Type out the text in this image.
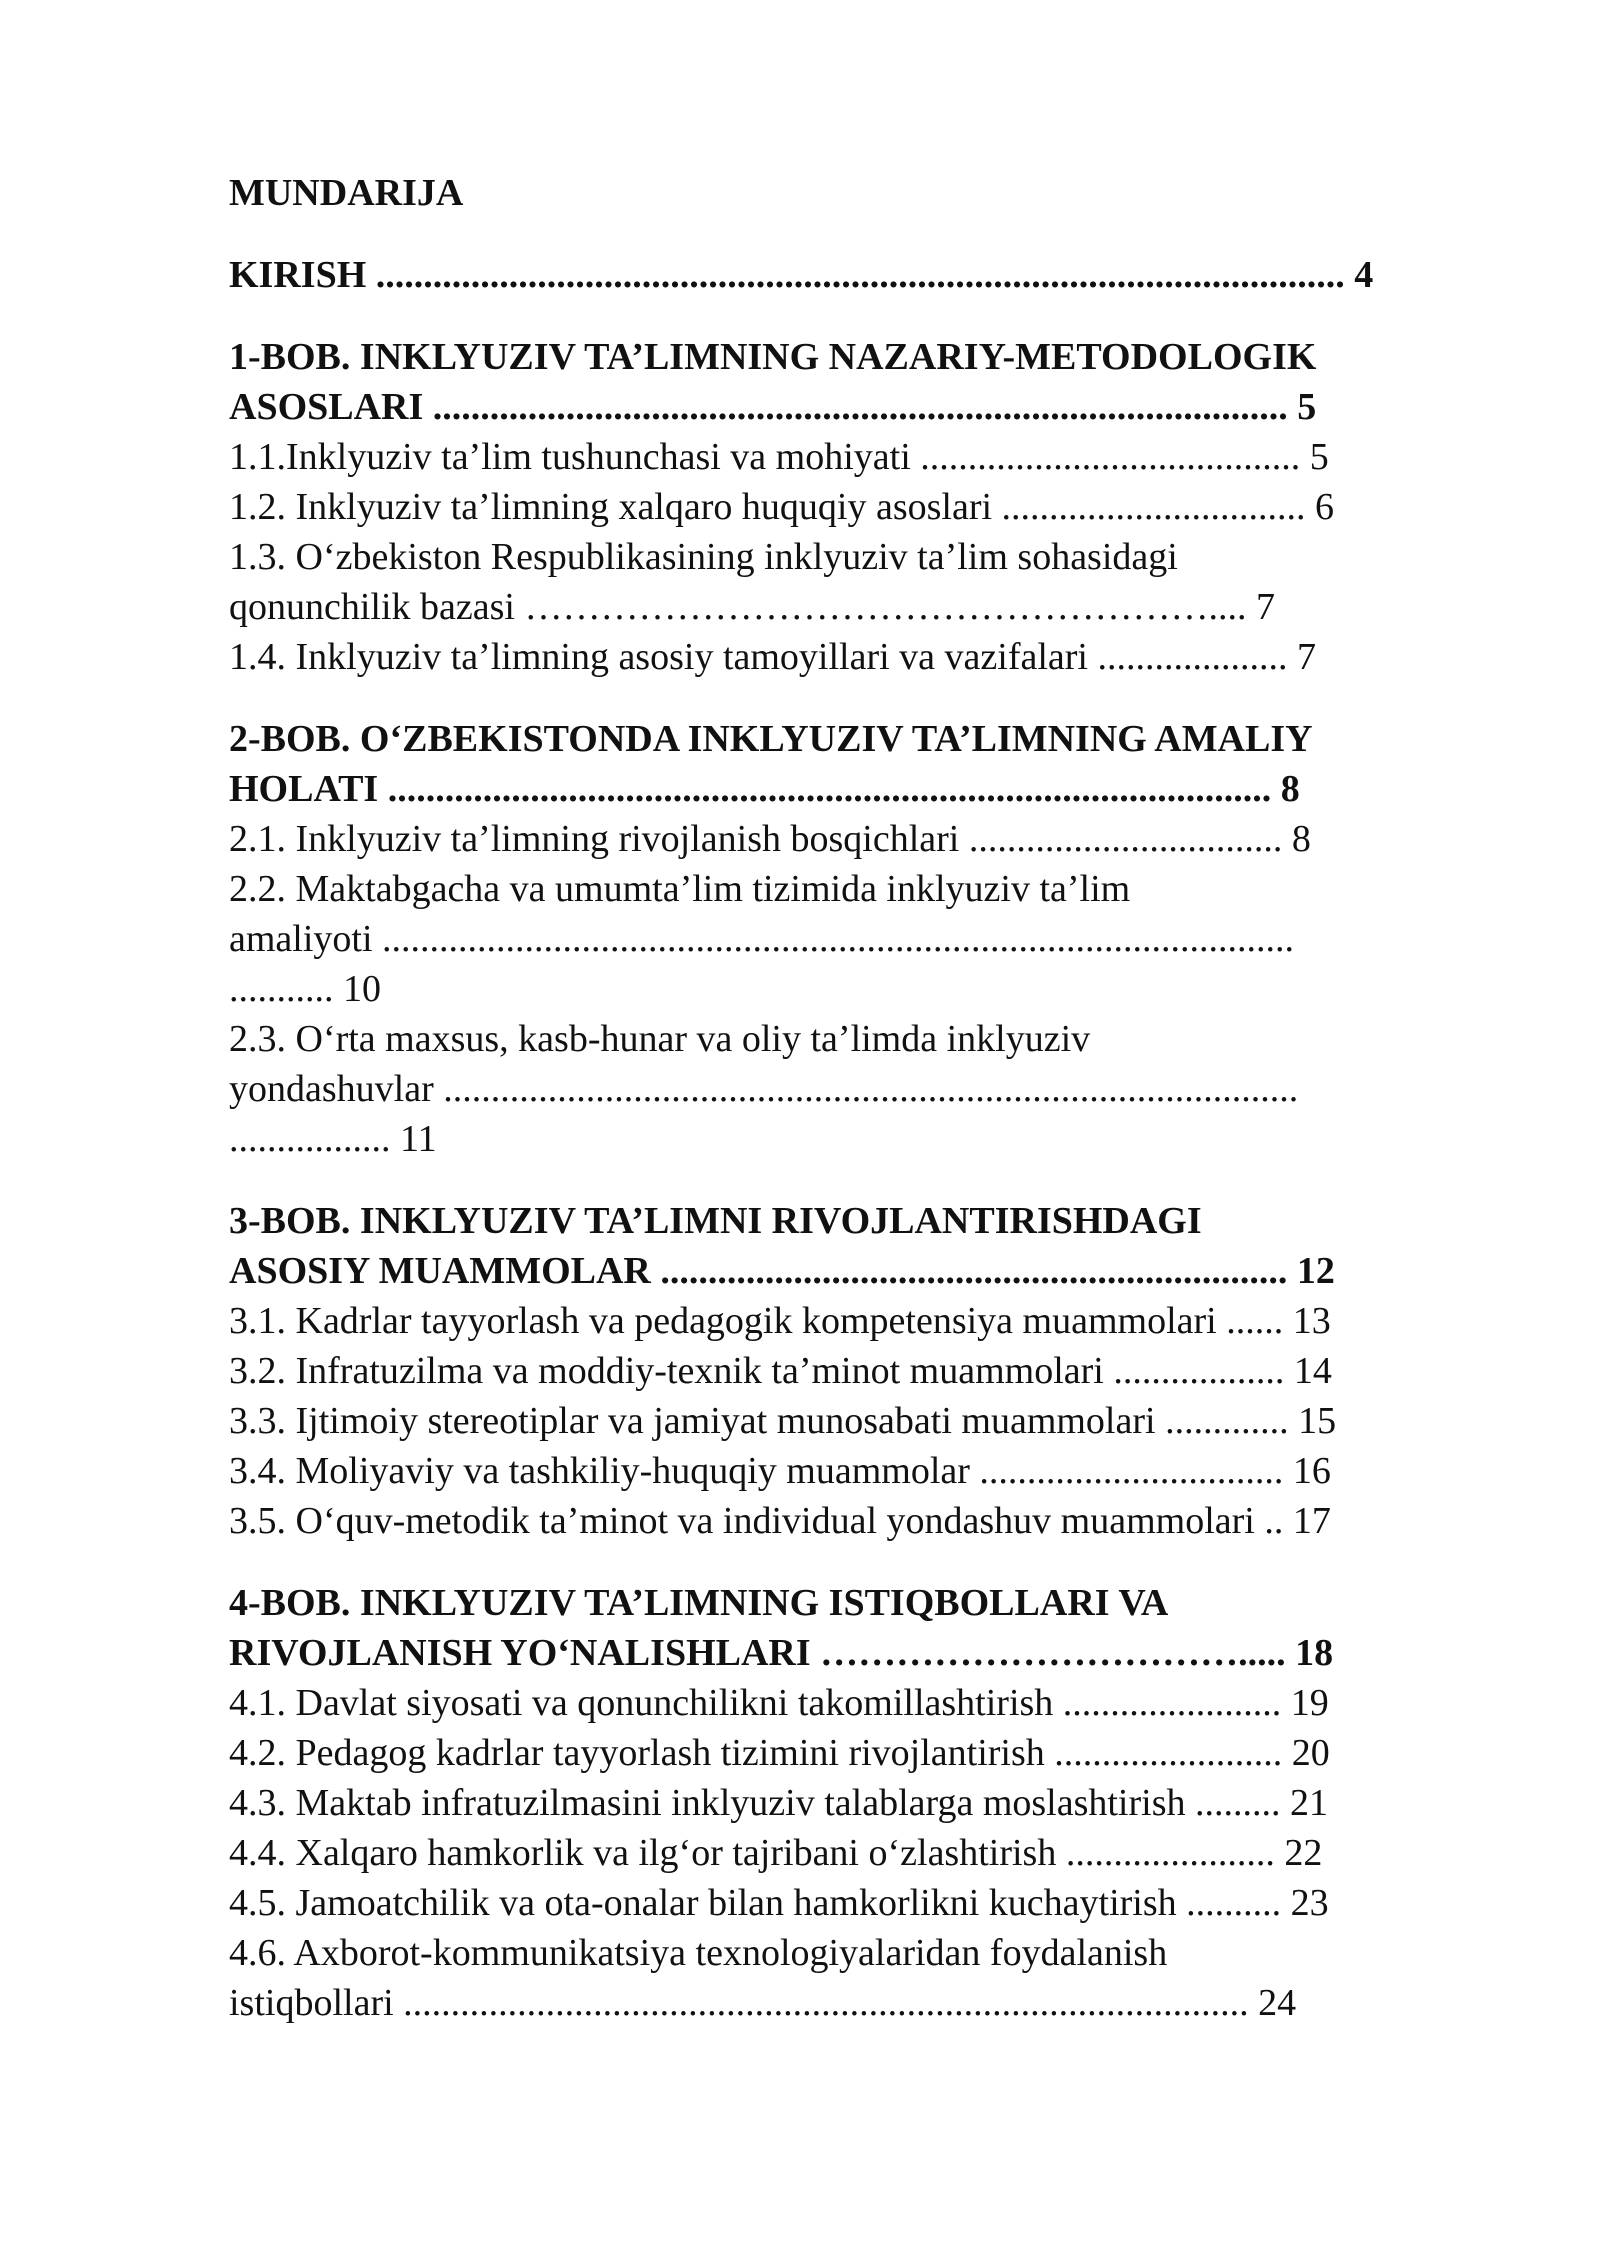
MUNDARIJA

KIRISH ...................................................................................................... 4

1-BOB. INKLYUZIV TA’LIMNING NAZARIY-METODOLOGIK

ASOSLARI .......................................................................................... 5

1.1.Inklyuziv ta’lim tushunchasi va mohiyati ........................................ 5

1.2. Inklyuziv ta’limning xalqaro huquqiy asoslari ................................ 6

1.3. O‘zbekiston Respublikasining inklyuziv ta’lim sohasidagi

qonunchilik bazasi ……………………………………………….... 7

1.4. Inklyuziv ta’limning asosiy tamoyillari va vazifalari .................... 7

2-BOB. O‘ZBEKISTONDA INKLYUZIV TA’LIMNING AMALIY

HOLATI ............................................................................................. 8

2.1. Inklyuziv ta’limning rivojlanish bosqichlari ................................. 8

2.2. Maktabgacha va umumta’lim tizimida inklyuziv ta’lim

amaliyoti ................................................................................................

........... 10

2.3. O‘rta maxsus, kasb-hunar va oliy ta’limda inklyuziv

yondashuvlar ..........................................................................................

................. 11

3-BOB. INKLYUZIV TA’LIMNI RIVOJLANTIRISHDAGI

ASOSIY MUAMMOLAR .................................................................. 12

3.1. Kadrlar tayyorlash va pedagogik kompetensiya muammolari ...... 13

3.2. Infratuzilma va moddiy-texnik ta’minot muammolari .................. 14

3.3. Ijtimoiy stereotiplar va jamiyat munosabati muammolari ............. 15

3.4. Moliyaviy va tashkiliy-huquqiy muammolar ................................ 16

3.5. O‘quv-metodik ta’minot va individual yondashuv muammolari .. 17

4-BOB. INKLYUZIV TA’LIMNING ISTIQBOLLARI VA

RIVOJLANISH YO‘NALISHLARI ……………………………..... 18

4.1. Davlat siyosati va qonunchilikni takomillashtirish ....................... 19

4.2. Pedagog kadrlar tayyorlash tizimini rivojlantirish ........................ 20

4.3. Maktab infratuzilmasini inklyuziv talablarga moslashtirish ......... 21

4.4. Xalqaro hamkorlik va ilg‘or tajribani o‘zlashtirish ...................... 22

4.5. Jamoatchilik va ota-onalar bilan hamkorlikni kuchaytirish .......... 23

4.6. Axborot-kommunikatsiya texnologiyalaridan foydalanish

istiqbollari ......................................................................................... 24
